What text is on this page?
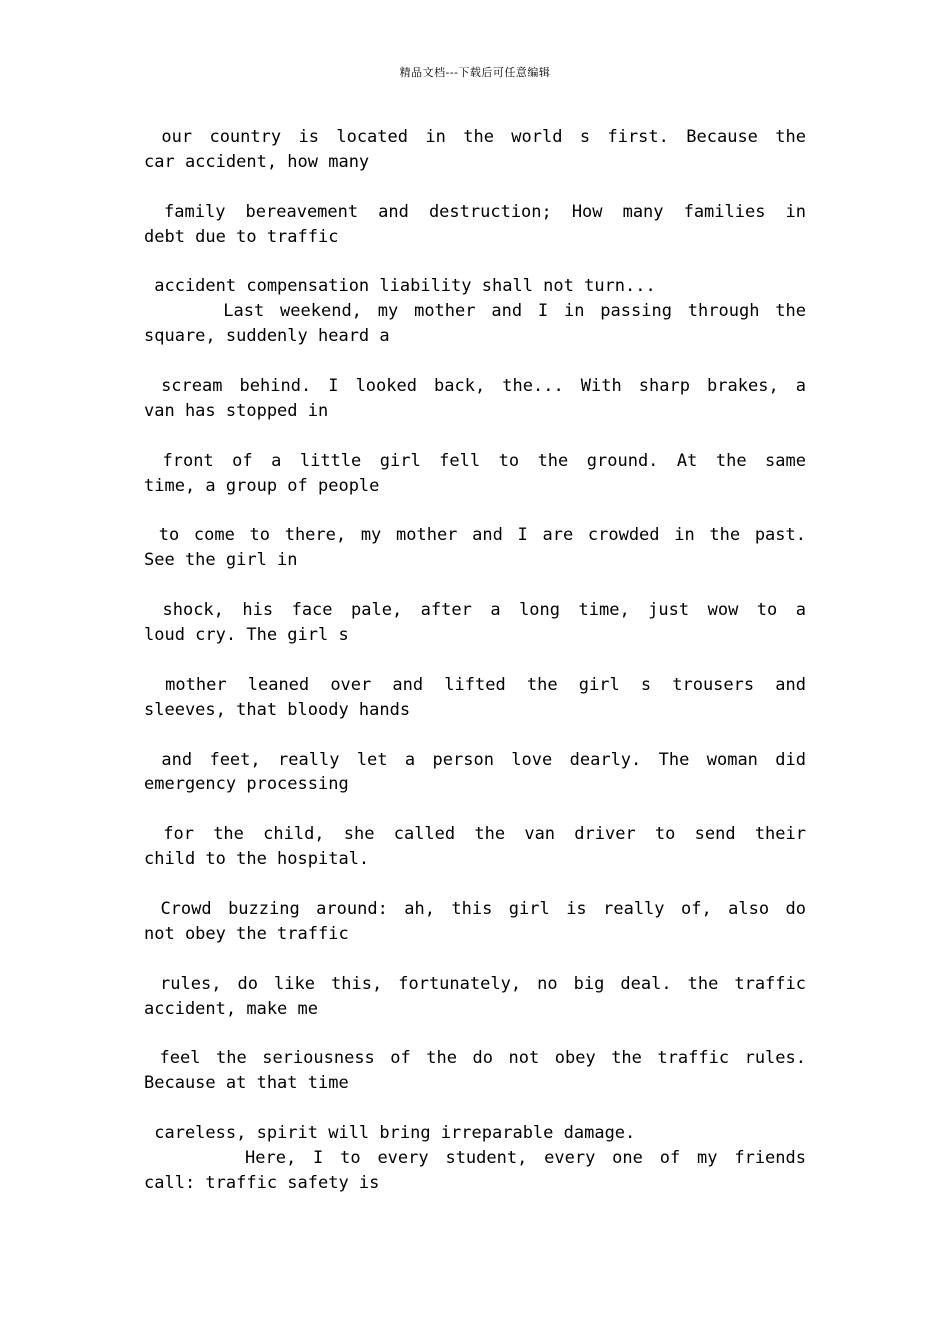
精品文档---下载后可任意编辑
our country is located in the world s first. Because the
car accident, how many
family bereavement and destruction; How many families in
debt due to traffic
accident compensation liability shall not turn...
Last weekend, my mother and I in passing through the
square, suddenly heard a
scream behind. I looked back, the... With sharp brakes, a
van has stopped in
front of a little girl fell to the ground. At the same
time, a group of people
to come to there, my mother and I are crowded in the past.
See the girl in
shock, his face pale, after a long time, just wow to a
loud cry. The girl s
mother leaned over and lifted the girl s trousers and
sleeves, that bloody hands
and feet, really let a person love dearly. The woman did
emergency processing
for the child, she called the van driver to send their
child to the hospital.
Crowd buzzing around: ah, this girl is really of, also do
not obey the traffic
rules, do like this, fortunately, no big deal. the traffic
accident, make me
feel the seriousness of the do not obey the traffic rules.
Because at that time
careless, spirit will bring irreparable damage.
Here, I to every student, every one of my friends
call: traffic safety is
